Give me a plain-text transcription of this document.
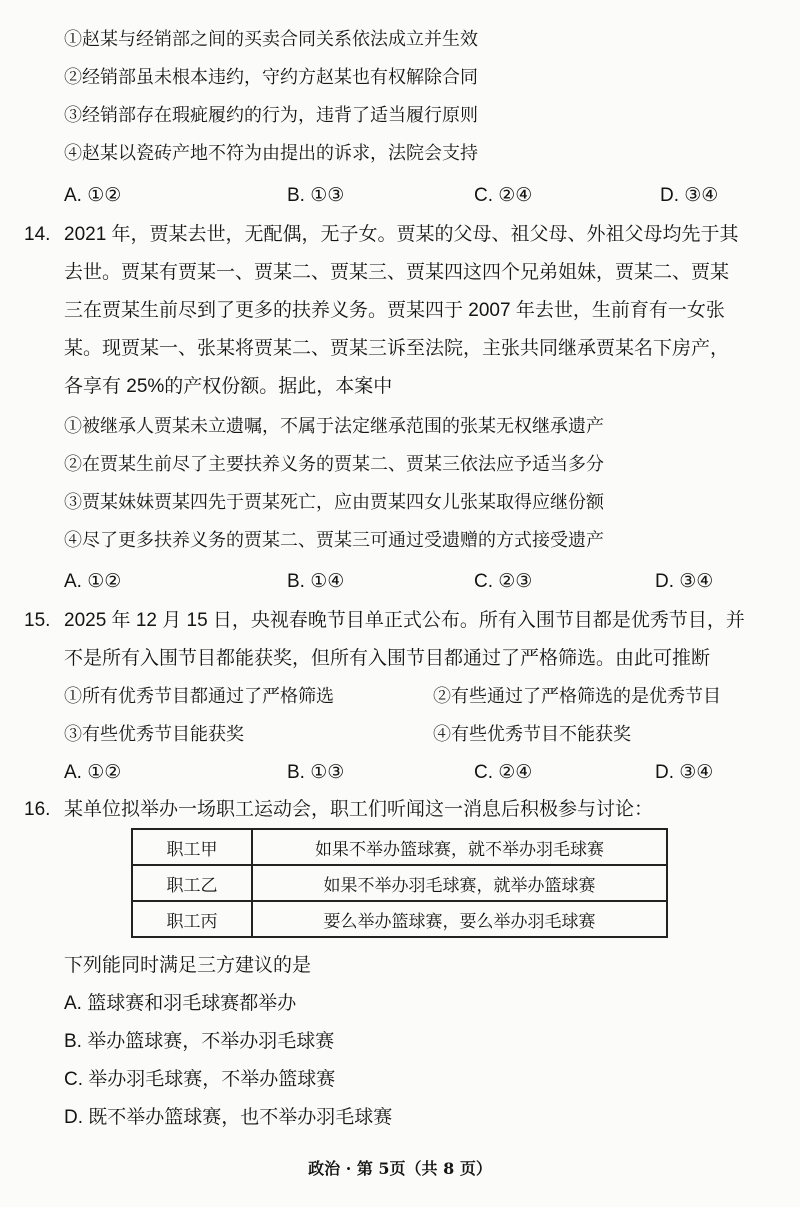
①赵某与经销部之间的买卖合同关系依法成立并生效
②经销部虽未根本违约，守约方赵某也有权解除合同
③经销部存在瑕疵履约的行为，违背了适当履行原则
④赵某以瓷砖产地不符为由提出的诉求，法院会支持
A. ①②	B. ①③	C. ②④	D. ③④
14. 2021 年，贾某去世，无配偶，无子女。贾某的父母、祖父母、外祖父母均先于其
去世。贾某有贾某一、贾某二、贾某三、贾某四这四个兄弟姐妹，贾某二、贾某
三在贾某生前尽到了更多的扶养义务。贾某四于 2007 年去世，生前育有一女张
某。现贾某一、张某将贾某二、贾某三诉至法院，主张共同继承贾某名下房产，
各享有 25%的产权份额。据此，本案中
①被继承人贾某未立遗嘱，不属于法定继承范围的张某无权继承遗产
②在贾某生前尽了主要扶养义务的贾某二、贾某三依法应予适当多分
③贾某妹妹贾某四先于贾某死亡，应由贾某四女儿张某取得应继份额
④尽了更多扶养义务的贾某二、贾某三可通过受遗赠的方式接受遗产
A. ①②	B. ①④	C. ②③	D. ③④
15. 2025 年 12 月 15 日，央视春晚节目单正式公布。所有入围节目都是优秀节目，并
不是所有入围节目都能获奖，但所有入围节目都通过了严格筛选。由此可推断
①所有优秀节目都通过了严格筛选	②有些通过了严格筛选的是优秀节目
③有些优秀节目能获奖	④有些优秀节目不能获奖
A. ①②	B. ①③	C. ②④	D. ③④
16. 某单位拟举办一场职工运动会，职工们听闻这一消息后积极参与讨论：
职工甲	如果不举办篮球赛，就不举办羽毛球赛
职工乙	如果不举办羽毛球赛，就举办篮球赛
职工丙	要么举办篮球赛，要么举办羽毛球赛
下列能同时满足三方建议的是
A. 篮球赛和羽毛球赛都举办
B. 举办篮球赛，不举办羽毛球赛
C. 举办羽毛球赛，不举办篮球赛
D. 既不举办篮球赛，也不举办羽毛球赛
政治 · 第 5页（共 8 页）
